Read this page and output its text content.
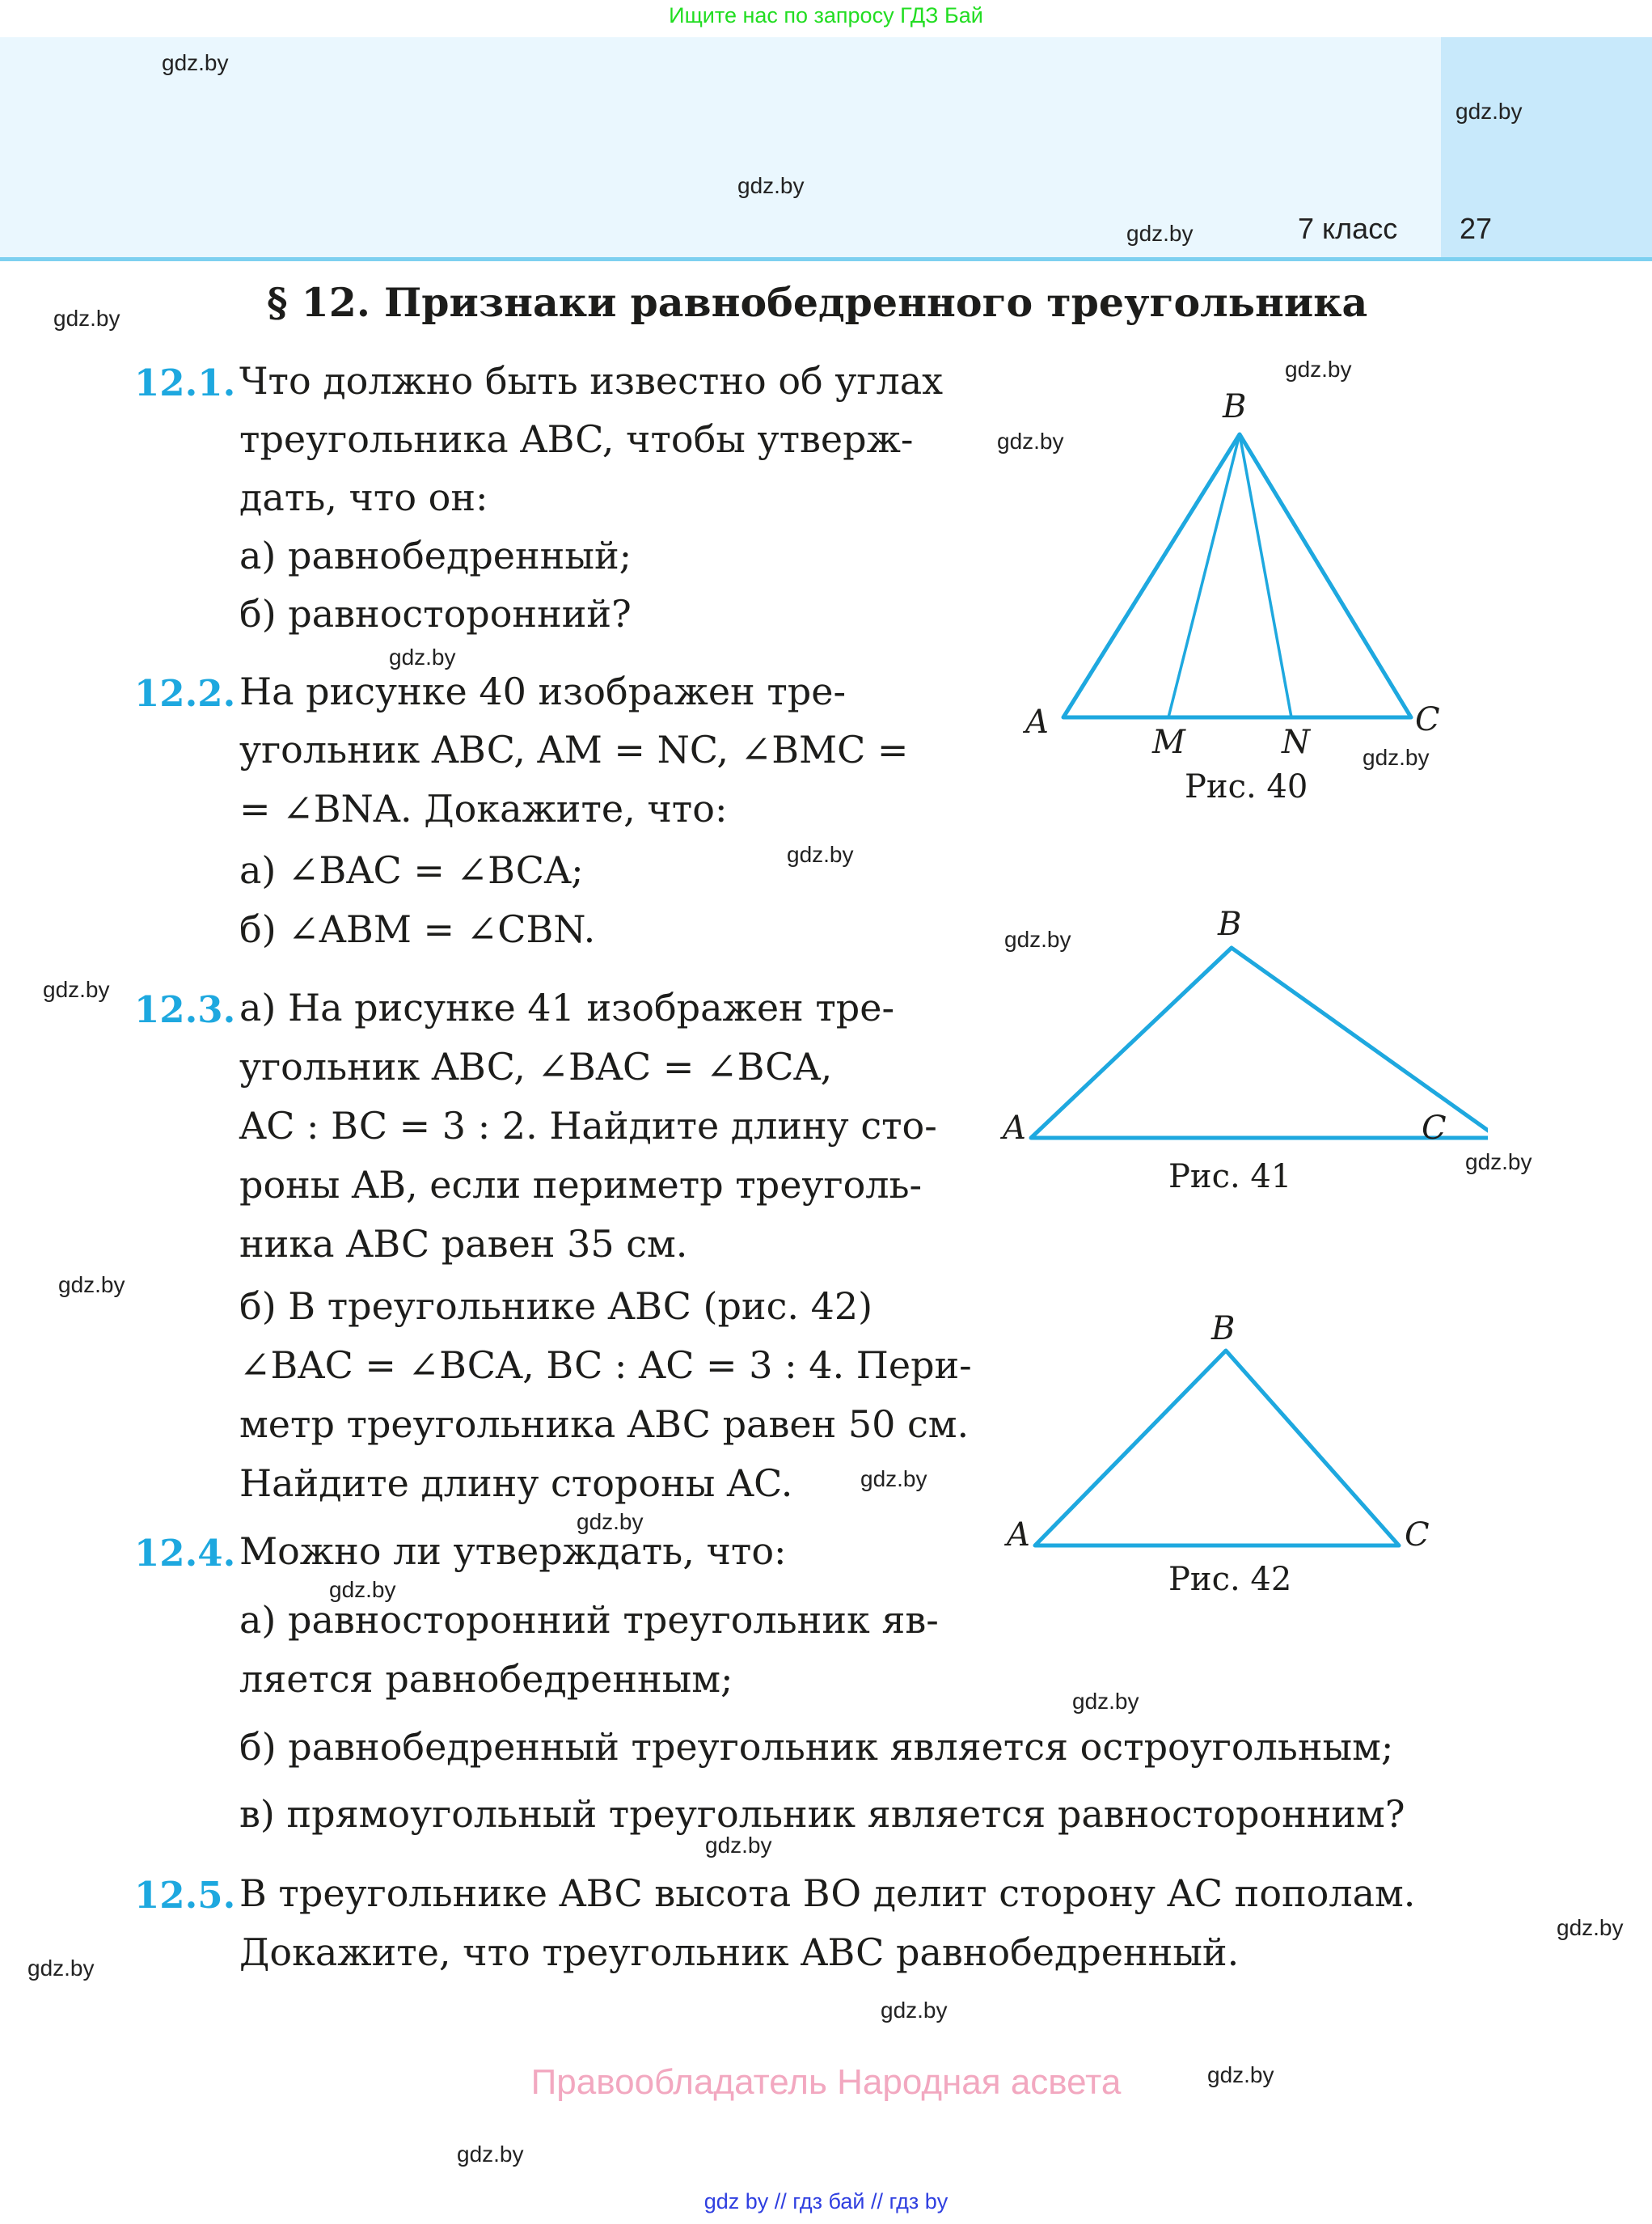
Ищите нас по запросу ГДЗ Бай
7 класс 27
gdz.by
gdz.by
gdz.by
gdz.by
gdz.by
gdz.by
gdz.by
gdz.by
gdz.by
gdz.by
gdz.by
gdz.by
gdz.by
gdz.by
gdz.by
gdz.by
gdz.by
gdz.by
gdz.by
gdz.by
gdz.by
gdz.by
gdz.by
gdz.by
§ 12. Признаки равнобедренного треугольника
12.1. Что должно быть известно об углах
треугольника ABC, чтобы утверж-
дать, что он:
а) равнобедренный;
б) равносторонний?
12.2. На рисунке 40 изображен тре-
угольник ABC, AM = NC, ∠BMC =
= ∠BNA. Докажите, что:
а) ∠BAC = ∠BCA;
б) ∠ABM = ∠CBN.
12.3. а) На рисунке 41 изображен тре-
угольник ABC, ∠BAC = ∠BCA,
AC : BC = 3 : 2. Найдите длину сто-
роны AB, если периметр треуголь-
ника ABC равен 35 см.
б) В треугольнике ABC (рис. 42)
∠BAC = ∠BCA, BC : AC = 3 : 4. Пери-
метр треугольника ABC равен 50 см.
Найдите длину стороны AC.
12.4. Можно ли утверждать, что:
а) равносторонний треугольник яв-
ляется равнобедренным;
б) равнобедренный треугольник является остроугольным;
в) прямоугольный треугольник является равносторонним?
12.5. В треугольнике ABC высота BO делит сторону AC пополам.
Докажите, что треугольник ABC равнобедренный.
B
A
M	N
C
Рис. 40
B
A	C
Рис. 41
B
A	C
Рис. 42
Правообладатель Народная асвета
gdz by // гдз бай // гдз by
